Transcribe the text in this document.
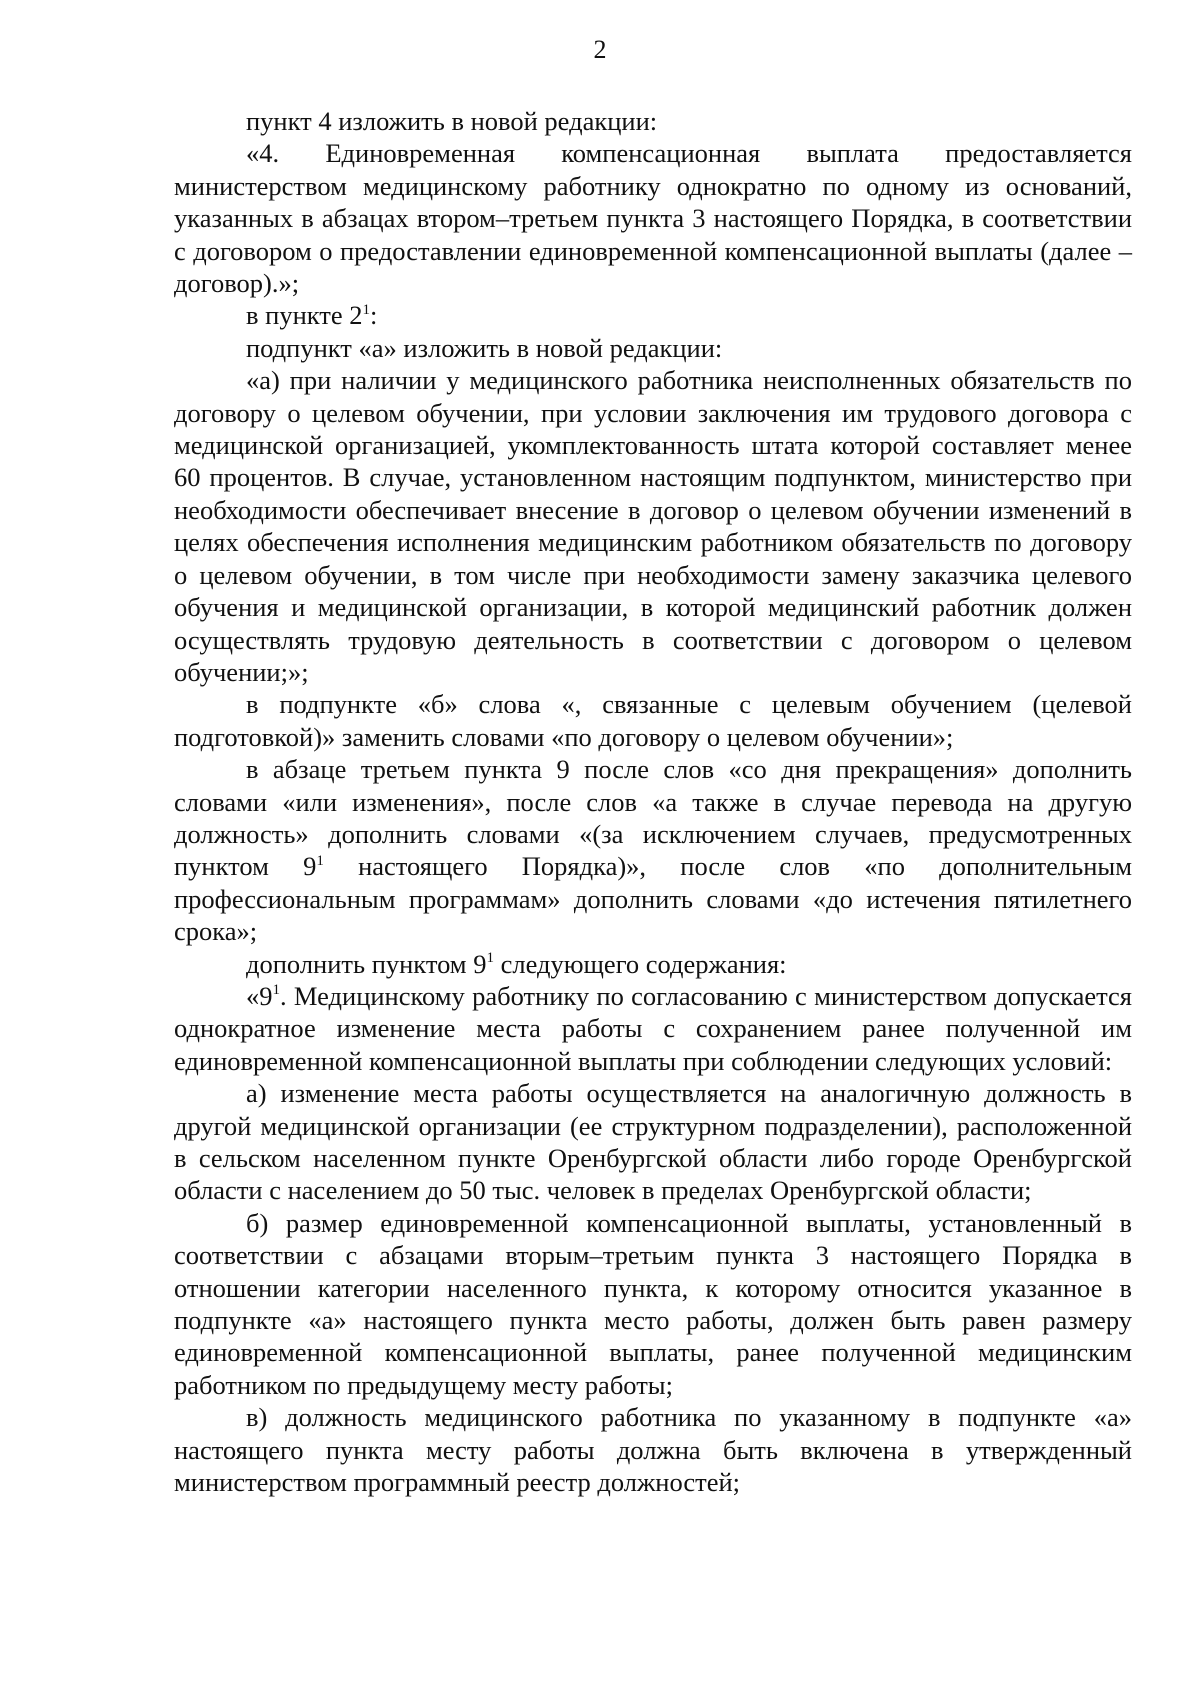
2

пункт 4 изложить в новой редакции:

«4. Единовременная компенсационная выплата предоставляется министерством медицинскому работнику однократно по одному из оснований, указанных в абзацах втором–третьем пункта 3 настоящего Порядка, в соответствии с договором о предоставлении единовременной компенсационной выплаты (далее – договор).»;

в пункте $2^1$:

подпункт «а» изложить в новой редакции:

«а) при наличии у медицинского работника неисполненных обязательств по договору о целевом обучении, при условии заключения им трудового договора с медицинской организацией, укомплектованность штата которой составляет менее 60 процентов. В случае, установленном настоящим подпунктом, министерство при необходимости обеспечивает внесение в договор о целевом обучении изменений в целях обеспечения исполнения медицинским работником обязательств по договору о целевом обучении, в том числе при необходимости замену заказчика целевого обучения и медицинской организации, в которой медицинский работник должен осуществлять трудовую деятельность в соответствии с договором о целевом обучении;»;

в подпункте «б» слова «, связанные с целевым обучением (целевой подготовкой)» заменить словами «по договору о целевом обучении»;

в абзаце третьем пункта 9 после слов «со дня прекращения» дополнить словами «или изменения», после слов «а также в случае перевода на другую должность» дополнить словами «(за исключением случаев, предусмотренных пунктом $9^1$ настоящего Порядка)», после слов «по дополнительным профессиональным программам» дополнить словами «до истечения пятилетнего срока»;

дополнить пунктом $9^1$ следующего содержания:

«$9^1$. Медицинскому работнику по согласованию с министерством допускается однократное изменение места работы с сохранением ранее полученной им единовременной компенсационной выплаты при соблюдении следующих условий:

а) изменение места работы осуществляется на аналогичную должность в другой медицинской организации (ее структурном подразделении), расположенной в сельском населенном пункте Оренбургской области либо городе Оренбургской области с населением до 50 тыс. человек в пределах Оренбургской области;

б) размер единовременной компенсационной выплаты, установленный в соответствии с абзацами вторым–третьим пункта 3 настоящего Порядка в отношении категории населенного пункта, к которому относится указанное в подпункте «а» настоящего пункта место работы, должен быть равен размеру единовременной компенсационной выплаты, ранее полученной медицинским работником по предыдущему месту работы;

в) должность медицинского работника по указанному в подпункте «а» настоящего пункта месту работы должна быть включена в утвержденный министерством программный реестр должностей;
